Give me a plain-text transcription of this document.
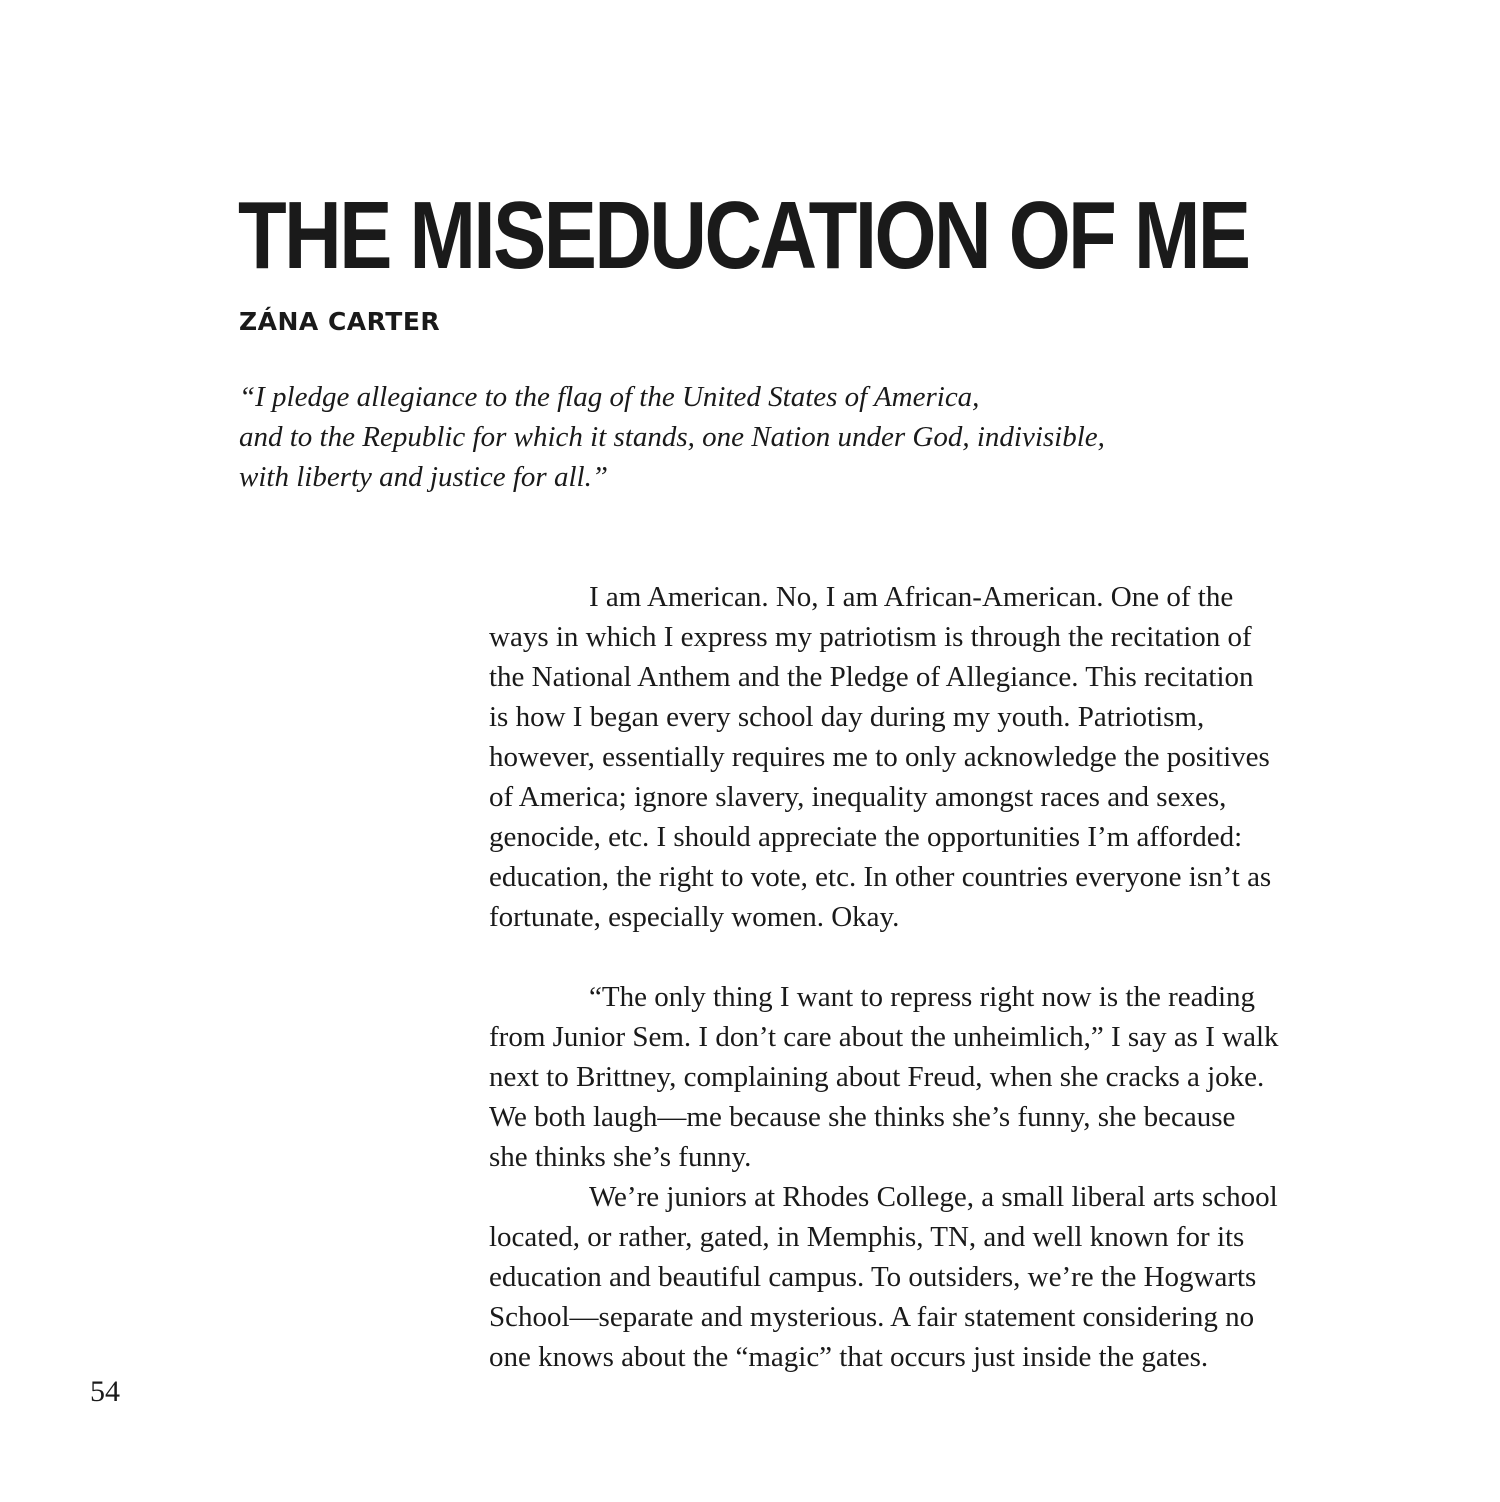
THE MISEDUCATION OF ME
ZÁNA CARTER
“I pledge allegiance to the flag of the United States of America,
and to the Republic for which it stands, one Nation under God, indivisible,
with liberty and justice for all.”

I am American. No, I am African-American. One of the

ways in which I express my patriotism is through the recitation of
the National Anthem and the Pledge of Allegiance. This recitation
is how I began every school day during my youth. Patriotism,
however, essentially requires me to only acknowledge the positives
of America; ignore slavery, inequality amongst races and sexes,
genocide, etc. I should appreciate the opportunities I’m afforded:
education, the right to vote, etc. In other countries everyone isn’t as
fortunate, especially women. Okay.

“The only thing I want to repress right now is the reading

from Junior Sem. I don’t care about the unheimlich,” I say as I walk
next to Brittney, complaining about Freud, when she cracks a joke.
We both laugh—me because she thinks she’s funny, she because
she thinks she’s funny.

We’re juniors at Rhodes College, a small liberal arts school

located, or rather, gated, in Memphis, TN, and well known for its
education and beautiful campus. To outsiders, we’re the Hogwarts
School—separate and mysterious. A fair statement considering no
one knows about the “magic” that occurs just inside the gates.
54
